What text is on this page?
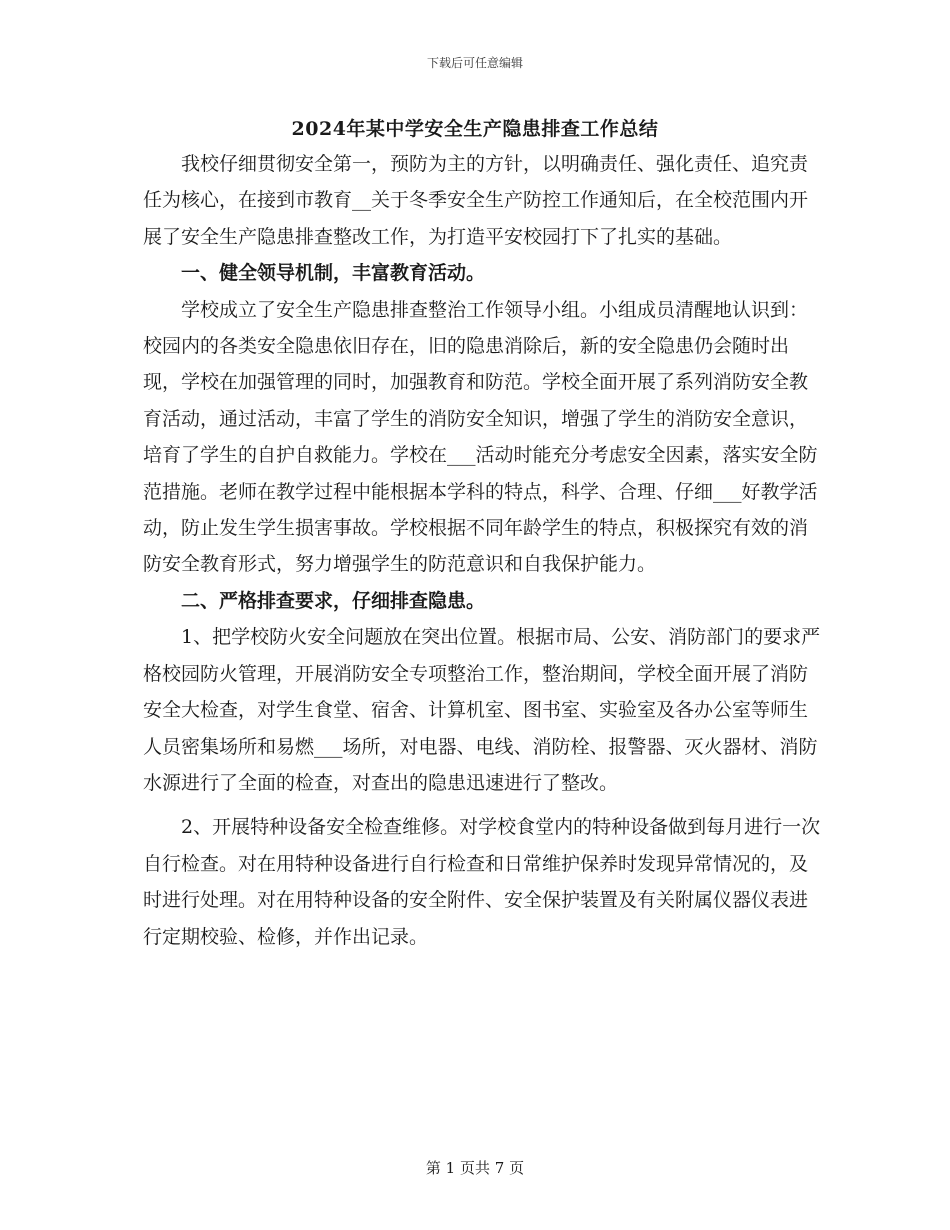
下载后可任意编辑
2024年某中学安全生产隐患排查工作总结

我校仔细贯彻安全第一，预防为主的方针，以明确责任、强化责任、追究责任为核心，在接到市教育__关于冬季安全生产防控工作通知后，在全校范围内开展了安全生产隐患排查整改工作，为打造平安校园打下了扎实的基础。

一、健全领导机制，丰富教育活动。

学校成立了安全生产隐患排查整治工作领导小组。小组成员清醒地认识到：校园内的各类安全隐患依旧存在，旧的隐患消除后，新的安全隐患仍会随时出现，学校在加强管理的同时，加强教育和防范。学校全面开展了系列消防安全教育活动，通过活动，丰富了学生的消防安全知识，增强了学生的消防安全意识，培育了学生的自护自救能力。学校在___活动时能充分考虑安全因素，落实安全防范措施。老师在教学过程中能根据本学科的特点，科学、合理、仔细___好教学活动，防止发生学生损害事故。学校根据不同年龄学生的特点，积极探究有效的消防安全教育形式，努力增强学生的防范意识和自我保护能力。

二、严格排查要求，仔细排查隐患。

1、把学校防火安全问题放在突出位置。根据市局、公安、消防部门的要求严格校园防火管理，开展消防安全专项整治工作，整治期间，学校全面开展了消防安全大检查，对学生食堂、宿舍、计算机室、图书室、实验室及各办公室等师生人员密集场所和易燃___场所，对电器、电线、消防栓、报警器、灭火器材、消防水源进行了全面的检查，对查出的隐患迅速进行了整改。

2、开展特种设备安全检查维修。对学校食堂内的特种设备做到每月进行一次自行检查。对在用特种设备进行自行检查和日常维护保养时发现异常情况的，及时进行处理。对在用特种设备的安全附件、安全保护装置及有关附属仪器仪表进行定期校验、检修，并作出记录。

第 1 页共 7 页
